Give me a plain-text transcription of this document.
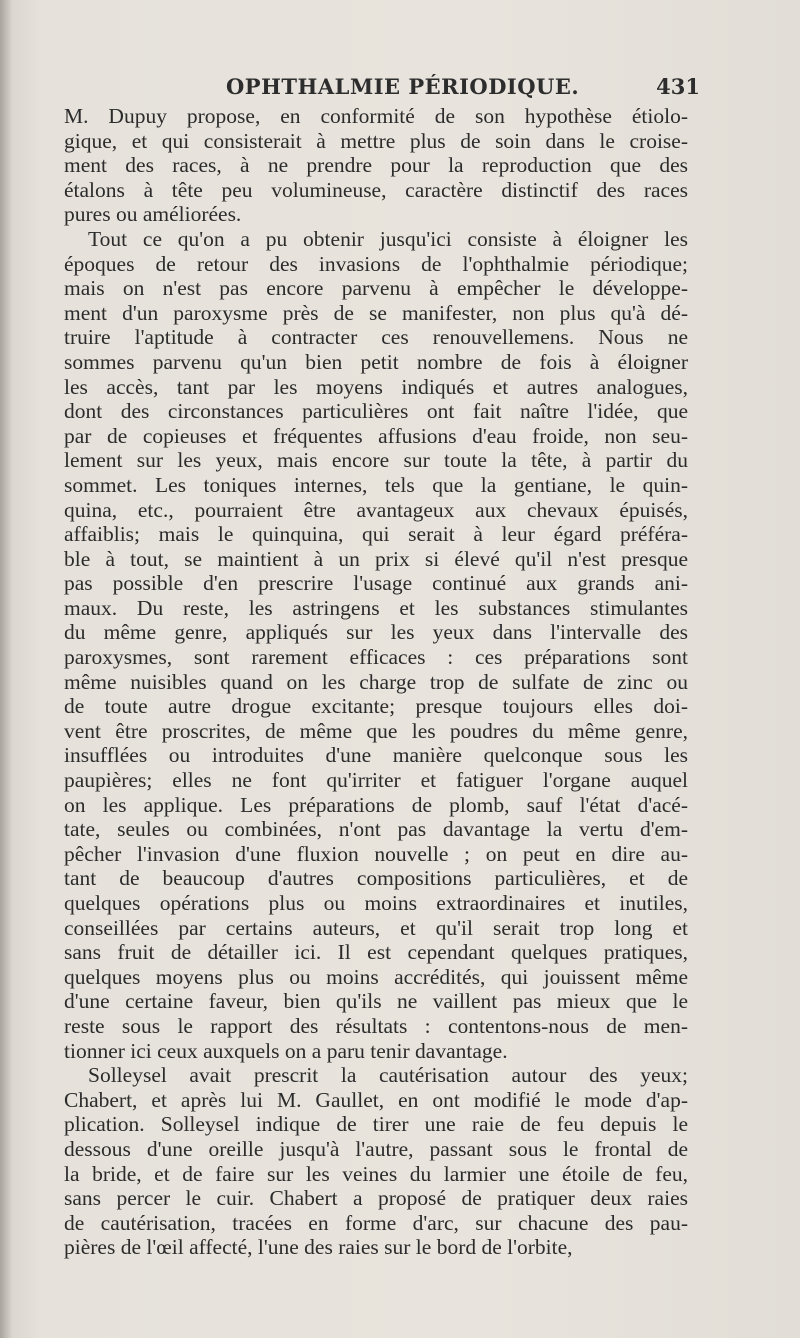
OPHTHALMIE PÉRIODIQUE.	431
M. Dupuy propose, en conformité de son hypothèse étiolo-
gique, et qui consisterait à mettre plus de soin dans le croise-
ment des races, à ne prendre pour la reproduction que des
étalons à tête peu volumineuse, caractère distinctif des races
pures ou améliorées.
Tout ce qu'on a pu obtenir jusqu'ici consiste à éloigner les
époques de retour des invasions de l'ophthalmie périodique;
mais on n'est pas encore parvenu à empêcher le développe-
ment d'un paroxysme près de se manifester, non plus qu'à dé-
truire l'aptitude à contracter ces renouvellemens. Nous ne
sommes parvenu qu'un bien petit nombre de fois à éloigner
les accès, tant par les moyens indiqués et autres analogues,
dont des circonstances particulières ont fait naître l'idée, que
par de copieuses et fréquentes affusions d'eau froide, non seu-
lement sur les yeux, mais encore sur toute la tête, à partir du
sommet. Les toniques internes, tels que la gentiane, le quin-
quina, etc., pourraient être avantageux aux chevaux épuisés,
affaiblis; mais le quinquina, qui serait à leur égard préféra-
ble à tout, se maintient à un prix si élevé qu'il n'est presque
pas possible d'en prescrire l'usage continué aux grands ani-
maux. Du reste, les astringens et les substances stimulantes
du même genre, appliqués sur les yeux dans l'intervalle des
paroxysmes, sont rarement efficaces : ces préparations sont
même nuisibles quand on les charge trop de sulfate de zinc ou
de toute autre drogue excitante; presque toujours elles doi-
vent être proscrites, de même que les poudres du même genre,
insufflées ou introduites d'une manière quelconque sous les
paupières; elles ne font qu'irriter et fatiguer l'organe auquel
on les applique. Les préparations de plomb, sauf l'état d'acé-
tate, seules ou combinées, n'ont pas davantage la vertu d'em-
pêcher l'invasion d'une fluxion nouvelle ; on peut en dire au-
tant de beaucoup d'autres compositions particulières, et de
quelques opérations plus ou moins extraordinaires et inutiles,
conseillées par certains auteurs, et qu'il serait trop long et
sans fruit de détailler ici. Il est cependant quelques pratiques,
quelques moyens plus ou moins accrédités, qui jouissent même
d'une certaine faveur, bien qu'ils ne vaillent pas mieux que le
reste sous le rapport des résultats : contentons-nous de men-
tionner ici ceux auxquels on a paru tenir davantage.
Solleysel avait prescrit la cautérisation autour des yeux;
Chabert, et après lui M. Gaullet, en ont modifié le mode d'ap-
plication. Solleysel indique de tirer une raie de feu depuis le
dessous d'une oreille jusqu'à l'autre, passant sous le frontal de
la bride, et de faire sur les veines du larmier une étoile de feu,
sans percer le cuir. Chabert a proposé de pratiquer deux raies
de cautérisation, tracées en forme d'arc, sur chacune des pau-
pières de l'œil affecté, l'une des raies sur le bord de l'orbite,
